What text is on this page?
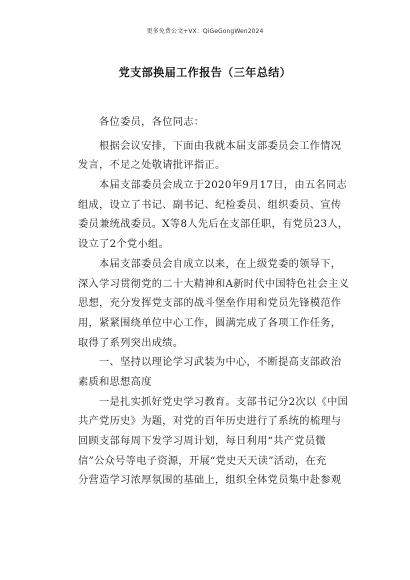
更多免费公文+VX：QiGeGongWen2024
党支部换届工作报告（三年总结）
各位委员，各位同志：
根据会议安排，下面由我就本届支部委员会工作情况
发言，不足之处敬请批评指正。
本届支部委员会成立于2020年9月17日，由五名同志
组成，设立了书记、副书记、纪检委员、组织委员、宣传
委员兼统战委员。X等8人先后在支部任职，有党员23人，
设立了2个党小组。
本届支部委员会自成立以来，在上级党委的领导下，
深入学习贯彻党的二十大精神和A新时代中国特色社会主义
思想，充分发挥党支部的战斗堡垒作用和党员先锋模范作
用，紧紧围绕单位中心工作，圆满完成了各项工作任务，
取得了系列突出成绩。
一、坚持以理论学习武装为中心，不断提高支部政治
素质和思想高度
一是扎实抓好党史学习教育。支部书记分2次以《中国
共产党历史》为题，对党的百年历史进行了系统的梳理与
回顾支部每周下发学习周计划，每日利用“共产党员微
信”公众号等电子资源，开展“党史天天读”活动，在充
分营造学习浓厚氛围的基础上，组织全体党员集中赴参观
